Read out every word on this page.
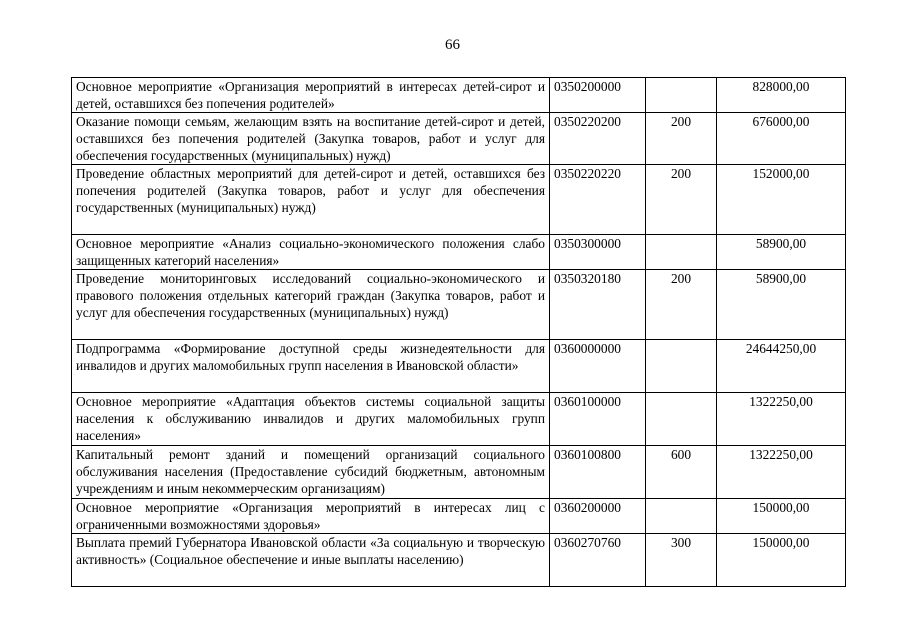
66
Основное мероприятие «Организация мероприятий в интересах детей-сирот и детей, оставшихся без попечения родителей»	0350200000		828000,00
Оказание помощи семьям, желающим взять на воспитание детей-сирот и детей, оставшихся без попечения родителей (Закупка товаров, работ и услуг для обеспечения государственных (муниципальных) нужд)	0350220200	200	676000,00
Проведение областных мероприятий для детей-сирот и детей, оставшихся без попечения родителей (Закупка товаров, работ и услуг для обеспечения государственных (муниципальных) нужд)	0350220220	200	152000,00
Основное мероприятие «Анализ социально-экономического положения слабо защищенных категорий населения»	0350300000		58900,00
Проведение мониторинговых исследований социально-экономического и правового положения отдельных категорий граждан (Закупка товаров, работ и услуг для обеспечения государственных (муниципальных) нужд)	0350320180	200	58900,00
Подпрограмма «Формирование доступной среды жизнедеятельности для инвалидов и других маломобильных групп населения в Ивановской области»	0360000000		24644250,00
Основное мероприятие «Адаптация объектов системы социальной защиты населения к обслуживанию инвалидов и других маломобильных групп населения»	0360100000		1322250,00
Капитальный ремонт зданий и помещений организаций социального обслуживания населения (Предоставление субсидий бюджетным, автономным учреждениям и иным некоммерческим организациям)	0360100800	600	1322250,00
Основное мероприятие «Организация мероприятий в интересах лиц с ограниченными возможностями здоровья»	0360200000		150000,00
Выплата премий Губернатора Ивановской области «За социальную и творческую активность» (Социальное обеспечение и иные выплаты населению)	0360270760	300	150000,00
